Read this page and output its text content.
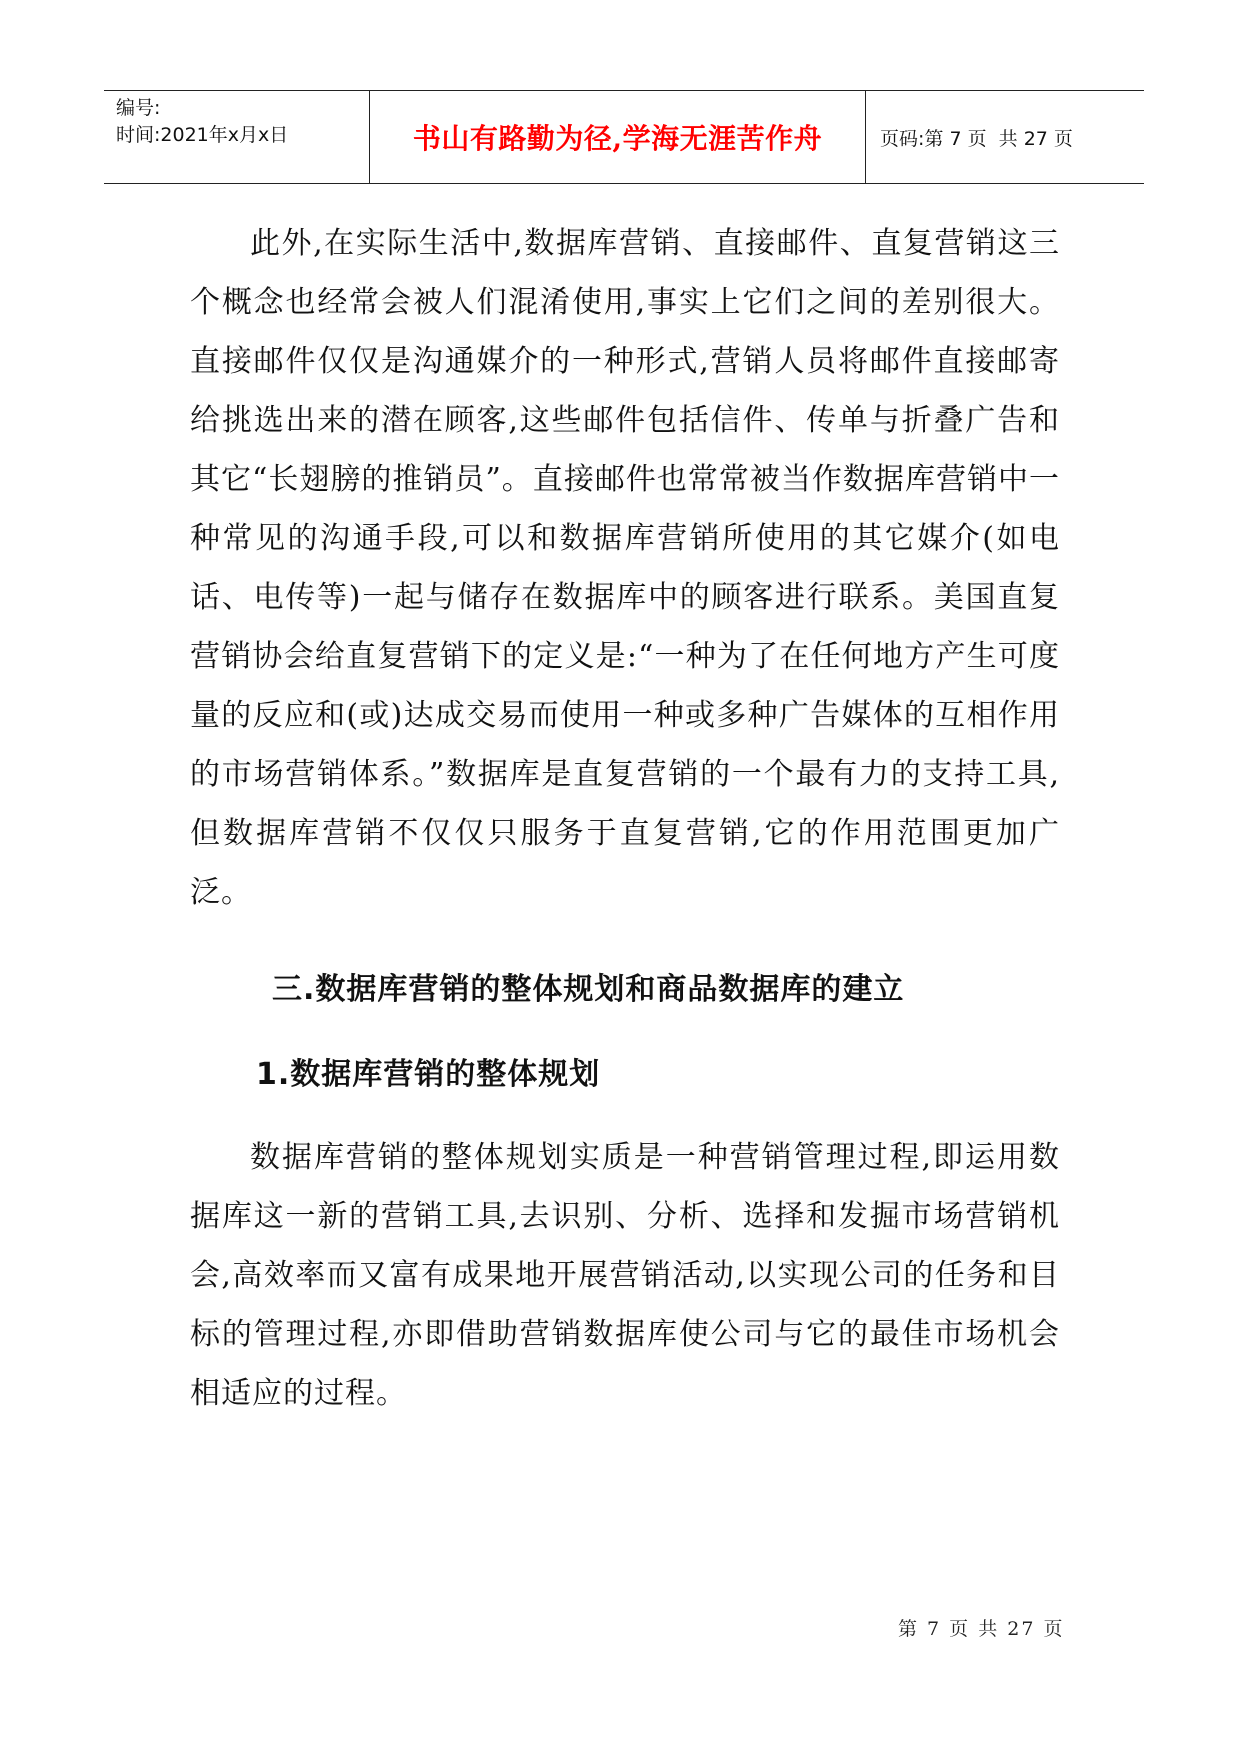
编号:
时间:2021年x月x日	书山有路勤为径,学海无涯苦作舟	页码:第 7 页  共 27 页

此外,在实际生活中,数据库营销、直接邮件、直复营销这三个概念也经常会被人们混淆使用,事实上它们之间的差别很大。直接邮件仅仅是沟通媒介的一种形式,营销人员将邮件直接邮寄给挑选出来的潜在顾客,这些邮件包括信件、传单与折叠广告和其它“长翅膀的推销员”。直接邮件也常常被当作数据库营销中一种常见的沟通手段,可以和数据库营销所使用的其它媒介(如电话、电传等)一起与储存在数据库中的顾客进行联系。美国直复营销协会给直复营销下的定义是:“一种为了在任何地方产生可度量的反应和(或)达成交易而使用一种或多种广告媒体的互相作用的市场营销体系。”数据库是直复营销的一个最有力的支持工具,但数据库营销不仅仅只服务于直复营销,它的作用范围更加广泛。

三.数据库营销的整体规划和商品数据库的建立
1.数据库营销的整体规划

数据库营销的整体规划实质是一种营销管理过程,即运用数据库这一新的营销工具,去识别、分析、选择和发掘市场营销机会,高效率而又富有成果地开展营销活动,以实现公司的任务和目标的管理过程,亦即借助营销数据库使公司与它的最佳市场机会相适应的过程。

第 7 页 共 27 页
